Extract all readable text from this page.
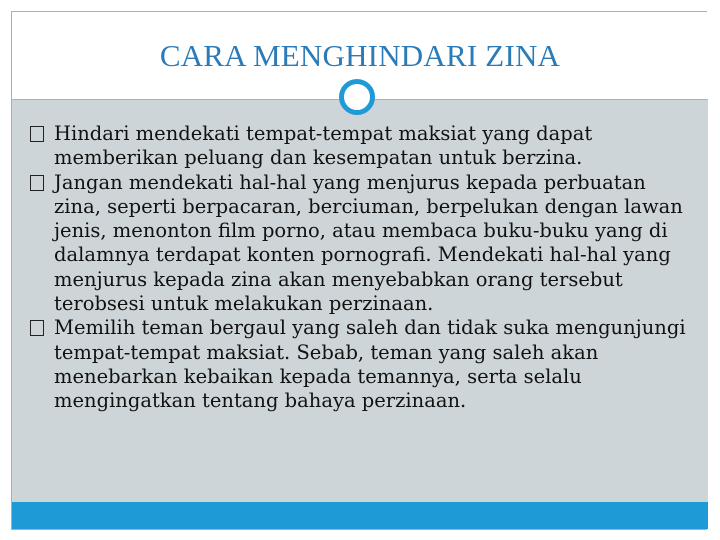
CARA MENGHINDARI ZINA
Hindari mendekati tempat-tempat maksiat yang dapat memberikan peluang dan kesempatan untuk berzina.
Jangan mendekati hal-hal yang menjurus kepada perbuatan zina, seperti berpacaran, berciuman, berpelukan dengan lawan jenis, menonton film porno, atau membaca buku-buku yang di dalamnya terdapat konten pornografi. Mendekati hal-hal yang menjurus kepada zina akan menyebabkan orang tersebut terobsesi untuk melakukan perzinaan.
Memilih teman bergaul yang saleh dan tidak suka mengunjungi tempat-tempat maksiat. Sebab, teman yang saleh akan menebarkan kebaikan kepada temannya, serta selalu mengingatkan tentang bahaya perzinaan.
